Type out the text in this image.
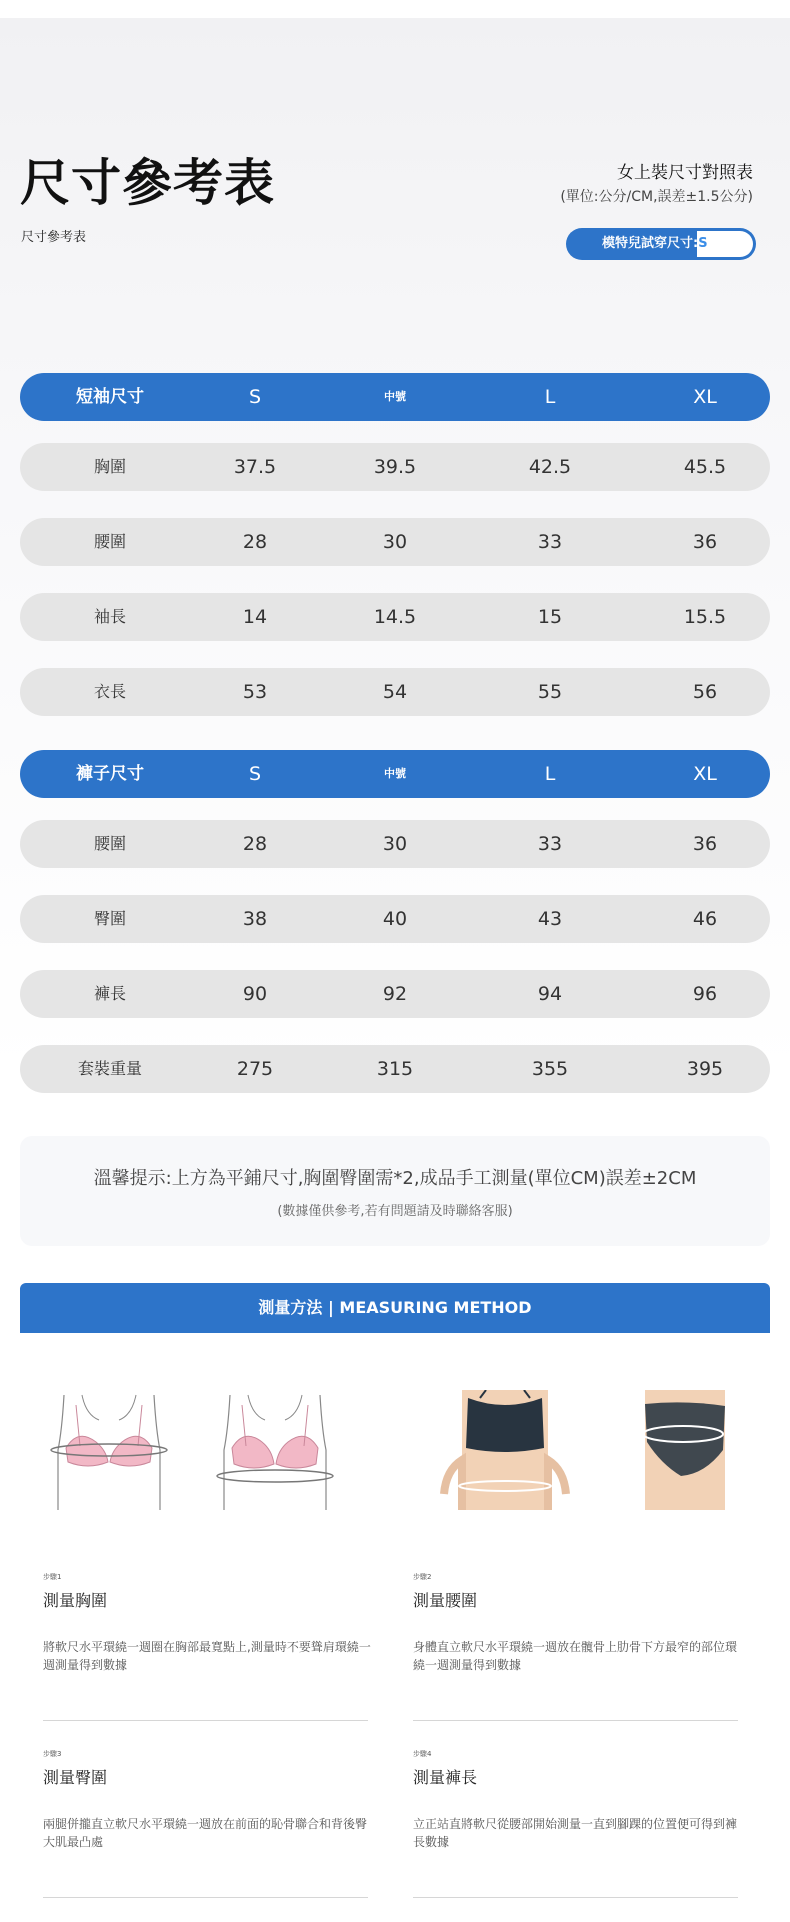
尺寸參考表
尺寸參考表
女上裝尺寸對照表
(單位:公分/CM,誤差±1.5公分)
模特兒試穿尺寸:S
短袖尺寸	S	中號	L	XL
胸圍	37.5	39.5	42.5	45.5
腰圍	28	30	33	36
袖長	14	14.5	15	15.5
衣長	53	54	55	56
褲子尺寸	S	中號	L	XL
腰圍	28	30	33	36
臀圍	38	40	43	46
褲長	90	92	94	96
套裝重量	275	315	355	395
溫馨提示:上方為平鋪尺寸,胸圍臀圍需*2,成品手工測量(單位CM)誤差±2CM
(數據僅供參考,若有問題請及時聯絡客服)
測量方法 | MEASURING METHOD
步驟1
測量胸圍
將軟尺水平環繞一週圈在胸部最寬點上,測量時不要聳肩環繞一週測量得到數據
步驟2
測量腰圍
身體直立軟尺水平環繞一週放在髖骨上肋骨下方最窄的部位環繞一週測量得到數據
步驟3
測量臀圍
兩腿併攏直立軟尺水平環繞一週放在前面的恥骨聯合和背後臀大肌最凸處
步驟4
測量褲長
立正站直將軟尺從腰部開始測量一直到腳踝的位置便可得到褲長數據
